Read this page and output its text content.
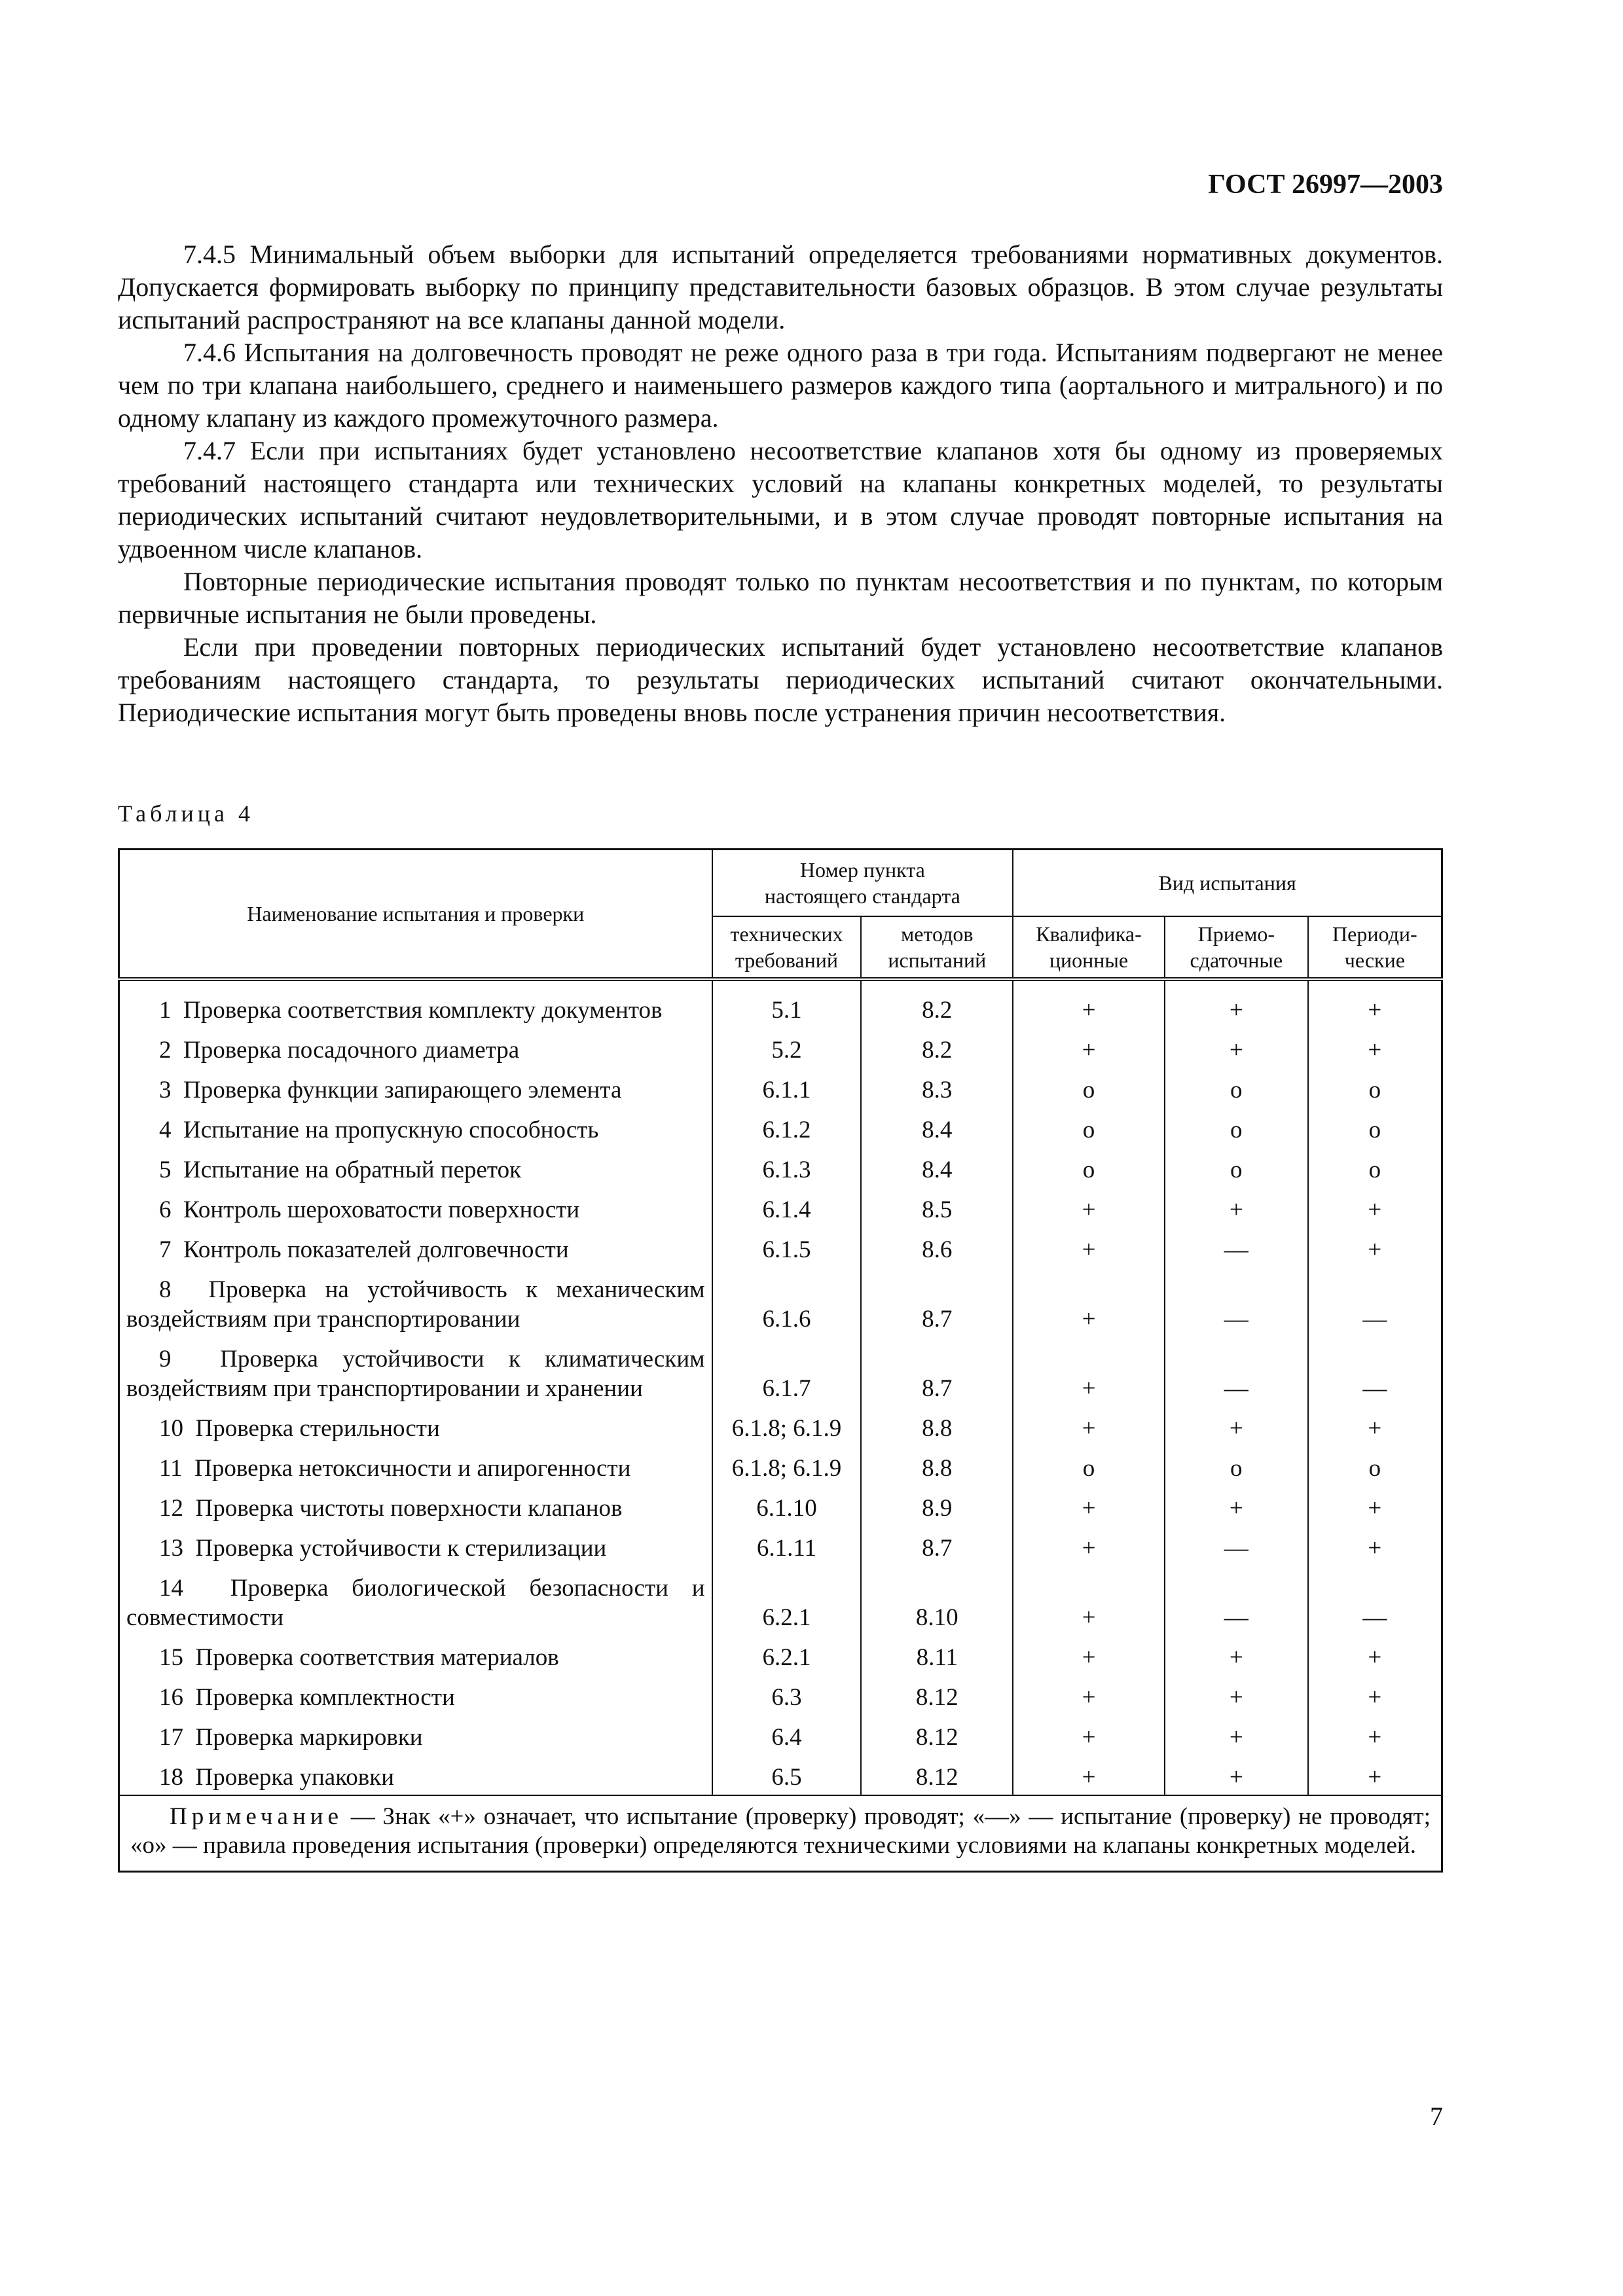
ГОСТ 26997—2003

7.4.5 Минимальный объем выборки для испытаний определяется требованиями нормативных документов. Допускается формировать выборку по принципу представительности базовых образцов. В этом случае результаты испытаний распространяют на все клапаны данной модели.

7.4.6 Испытания на долговечность проводят не реже одного раза в три года. Испытаниям подвергают не менее чем по три клапана наибольшего, среднего и наименьшего размеров каждого типа (аортального и митрального) и по одному клапану из каждого промежуточного размера.

7.4.7 Если при испытаниях будет установлено несоответствие клапанов хотя бы одному из проверяемых требований настоящего стандарта или технических условий на клапаны конкретных моделей, то результаты периодических испытаний считают неудовлетворительными, и в этом случае проводят повторные испытания на удвоенном числе клапанов.

Повторные периодические испытания проводят только по пунктам несоответствия и по пунктам, по которым первичные испытания не были проведены.

Если при проведении повторных периодических испытаний будет установлено несоответствие клапанов требованиям настоящего стандарта, то результаты периодических испытаний считают окончательными. Периодические испытания могут быть проведены вновь после устранения причин несоответствия.

Таблица 4
Наименование испытания и проверки	Номер пункта настоящего стандарта		Вид испытания		
	технических требований	методов испытаний	Квалифика-ционные	Приемо-сдаточные	Периоди-ческие
1 Проверка соответствия комплекту документов	5.1	8.2	+	+	+
2 Проверка посадочного диаметра	5.2	8.2	+	+	+
3 Проверка функции запирающего элемента	6.1.1	8.3	о	о	о
4 Испытание на пропускную способность	6.1.2	8.4	о	о	о
5 Испытание на обратный переток	6.1.3	8.4	о	о	о
6 Контроль шероховатости поверхности	6.1.4	8.5	+	+	+
7 Контроль показателей долговечности	6.1.5	8.6	+	—	+
8 Проверка на устойчивость к механическим воздействиям при транспортировании	6.1.6	8.7	+	—	—
9 Проверка устойчивости к климатическим воздействиям при транспортировании и хранении	6.1.7	8.7	+	—	—
10 Проверка стерильности	6.1.8; 6.1.9	8.8	+	+	+
11 Проверка нетоксичности и апирогенности	6.1.8; 6.1.9	8.8	о	о	о
12 Проверка чистоты поверхности клапанов	6.1.10	8.9	+	+	+
13 Проверка устойчивости к стерилизации	6.1.11	8.7	+	—	+
14 Проверка биологической безопасности и совместимости	6.2.1	8.10	+	—	—
15 Проверка соответствия материалов	6.2.1	8.11	+	+	+
16 Проверка комплектности	6.3	8.12	+	+	+
17 Проверка маркировки	6.4	8.12	+	+	+
18 Проверка упаковки	6.5	8.12	+	+	+
Примечание — Знак «+» означает, что испытание (проверку) проводят; «—» — испытание (проверку) не проводят; «о» — правила проведения испытания (проверки) определяются техническими условиями на клапаны конкретных моделей.					
7
